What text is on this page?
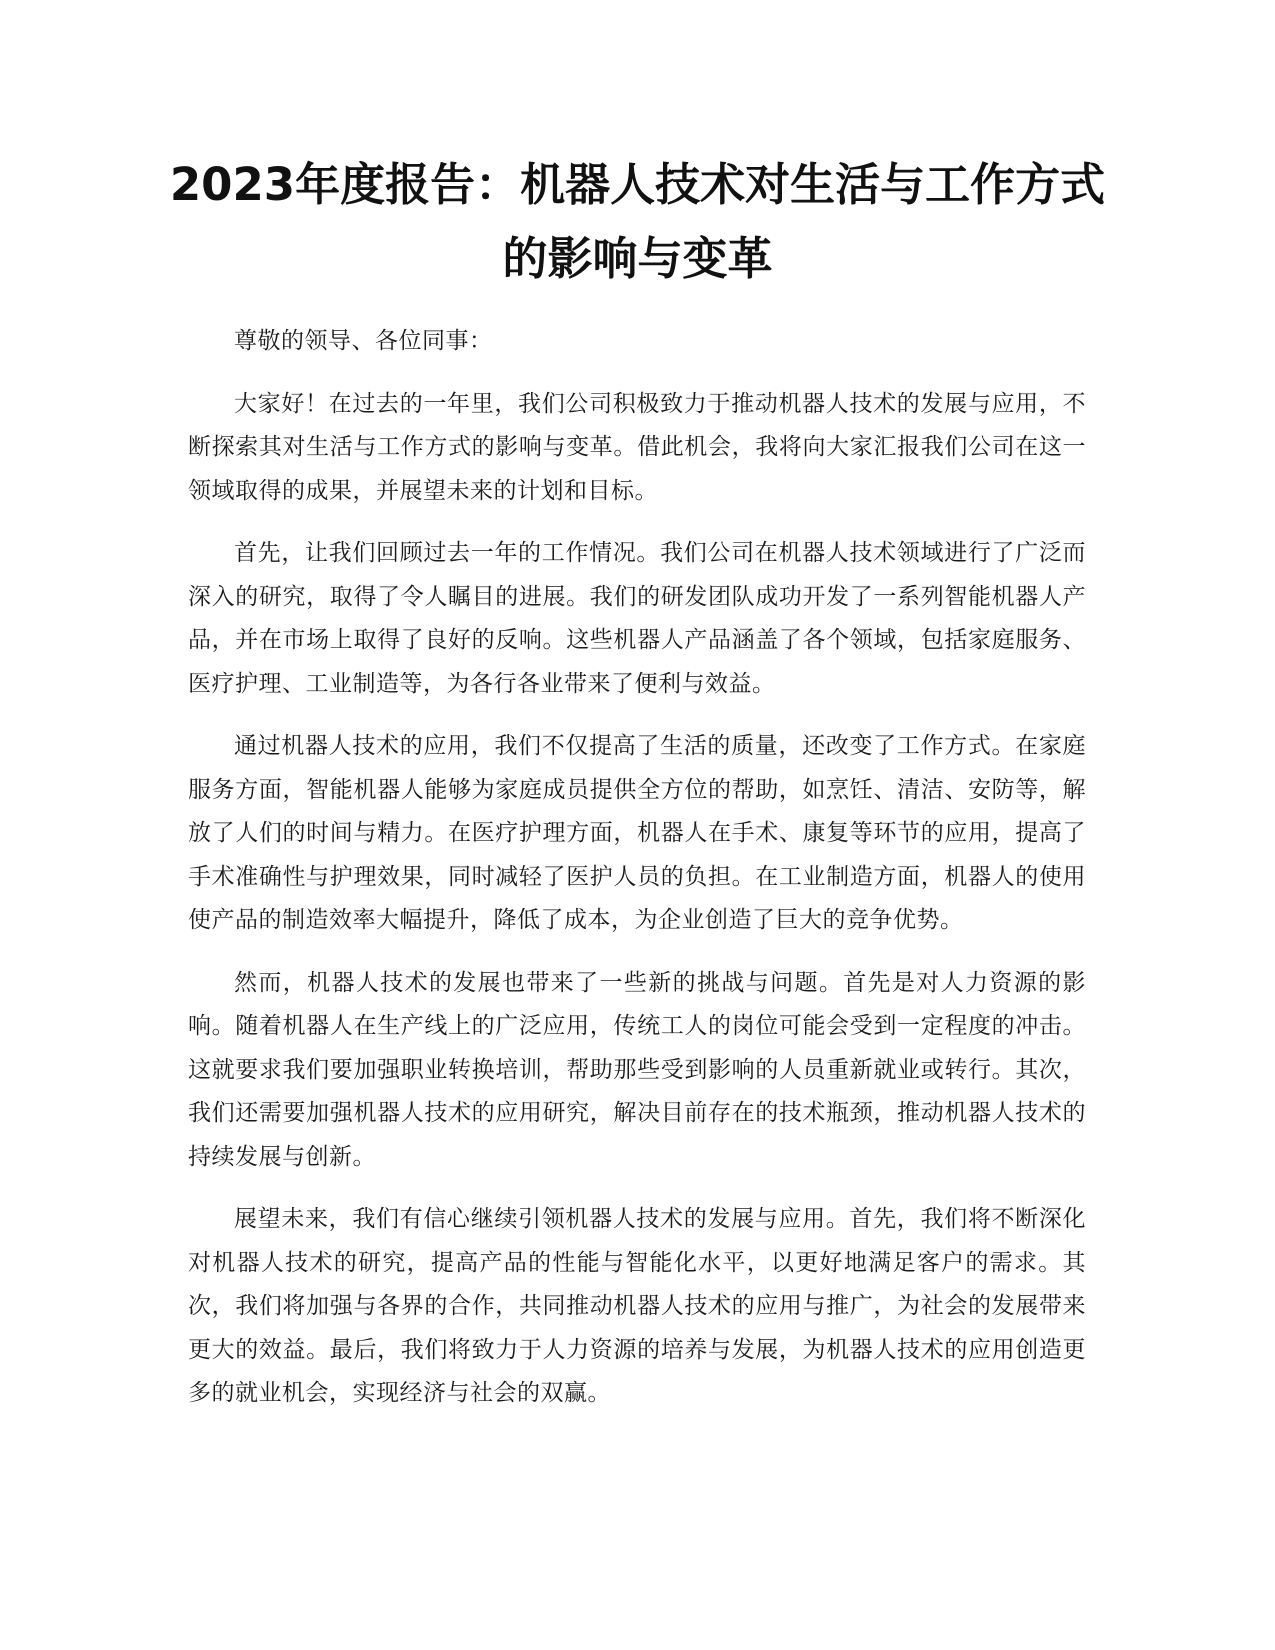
2023年度报告：机器人技术对生活与工作方式的影响与变革

尊敬的领导、各位同事：

大家好！在过去的一年里，我们公司积极致力于推动机器人技术的发展与应用，不断探索其对生活与工作方式的影响与变革。借此机会，我将向大家汇报我们公司在这一领域取得的成果，并展望未来的计划和目标。

首先，让我们回顾过去一年的工作情况。我们公司在机器人技术领域进行了广泛而深入的研究，取得了令人瞩目的进展。我们的研发团队成功开发了一系列智能机器人产品，并在市场上取得了良好的反响。这些机器人产品涵盖了各个领域，包括家庭服务、医疗护理、工业制造等，为各行各业带来了便利与效益。

通过机器人技术的应用，我们不仅提高了生活的质量，还改变了工作方式。在家庭服务方面，智能机器人能够为家庭成员提供全方位的帮助，如烹饪、清洁、安防等，解放了人们的时间与精力。在医疗护理方面，机器人在手术、康复等环节的应用，提高了手术准确性与护理效果，同时减轻了医护人员的负担。在工业制造方面，机器人的使用使产品的制造效率大幅提升，降低了成本，为企业创造了巨大的竞争优势。

然而，机器人技术的发展也带来了一些新的挑战与问题。首先是对人力资源的影响。随着机器人在生产线上的广泛应用，传统工人的岗位可能会受到一定程度的冲击。这就要求我们要加强职业转换培训，帮助那些受到影响的人员重新就业或转行。其次，我们还需要加强机器人技术的应用研究，解决目前存在的技术瓶颈，推动机器人技术的持续发展与创新。

展望未来，我们有信心继续引领机器人技术的发展与应用。首先，我们将不断深化对机器人技术的研究，提高产品的性能与智能化水平，以更好地满足客户的需求。其次，我们将加强与各界的合作，共同推动机器人技术的应用与推广，为社会的发展带来更大的效益。最后，我们将致力于人力资源的培养与发展，为机器人技术的应用创造更多的就业机会，实现经济与社会的双赢。
